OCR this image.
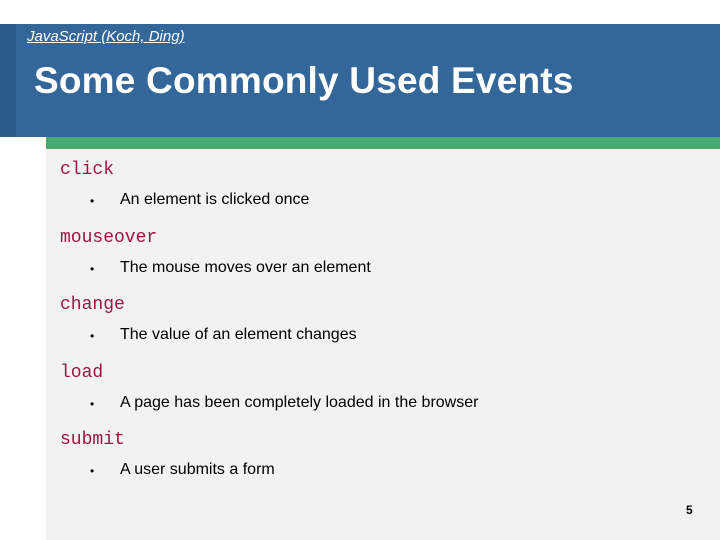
JavaScript (Koch, Ding)
Some Commonly Used Events
click
• An element is clicked once
mouseover
• The mouse moves over an element
change
• The value of an element changes
load
• A page has been completely loaded in the browser
submit
• A user submits a form
5
